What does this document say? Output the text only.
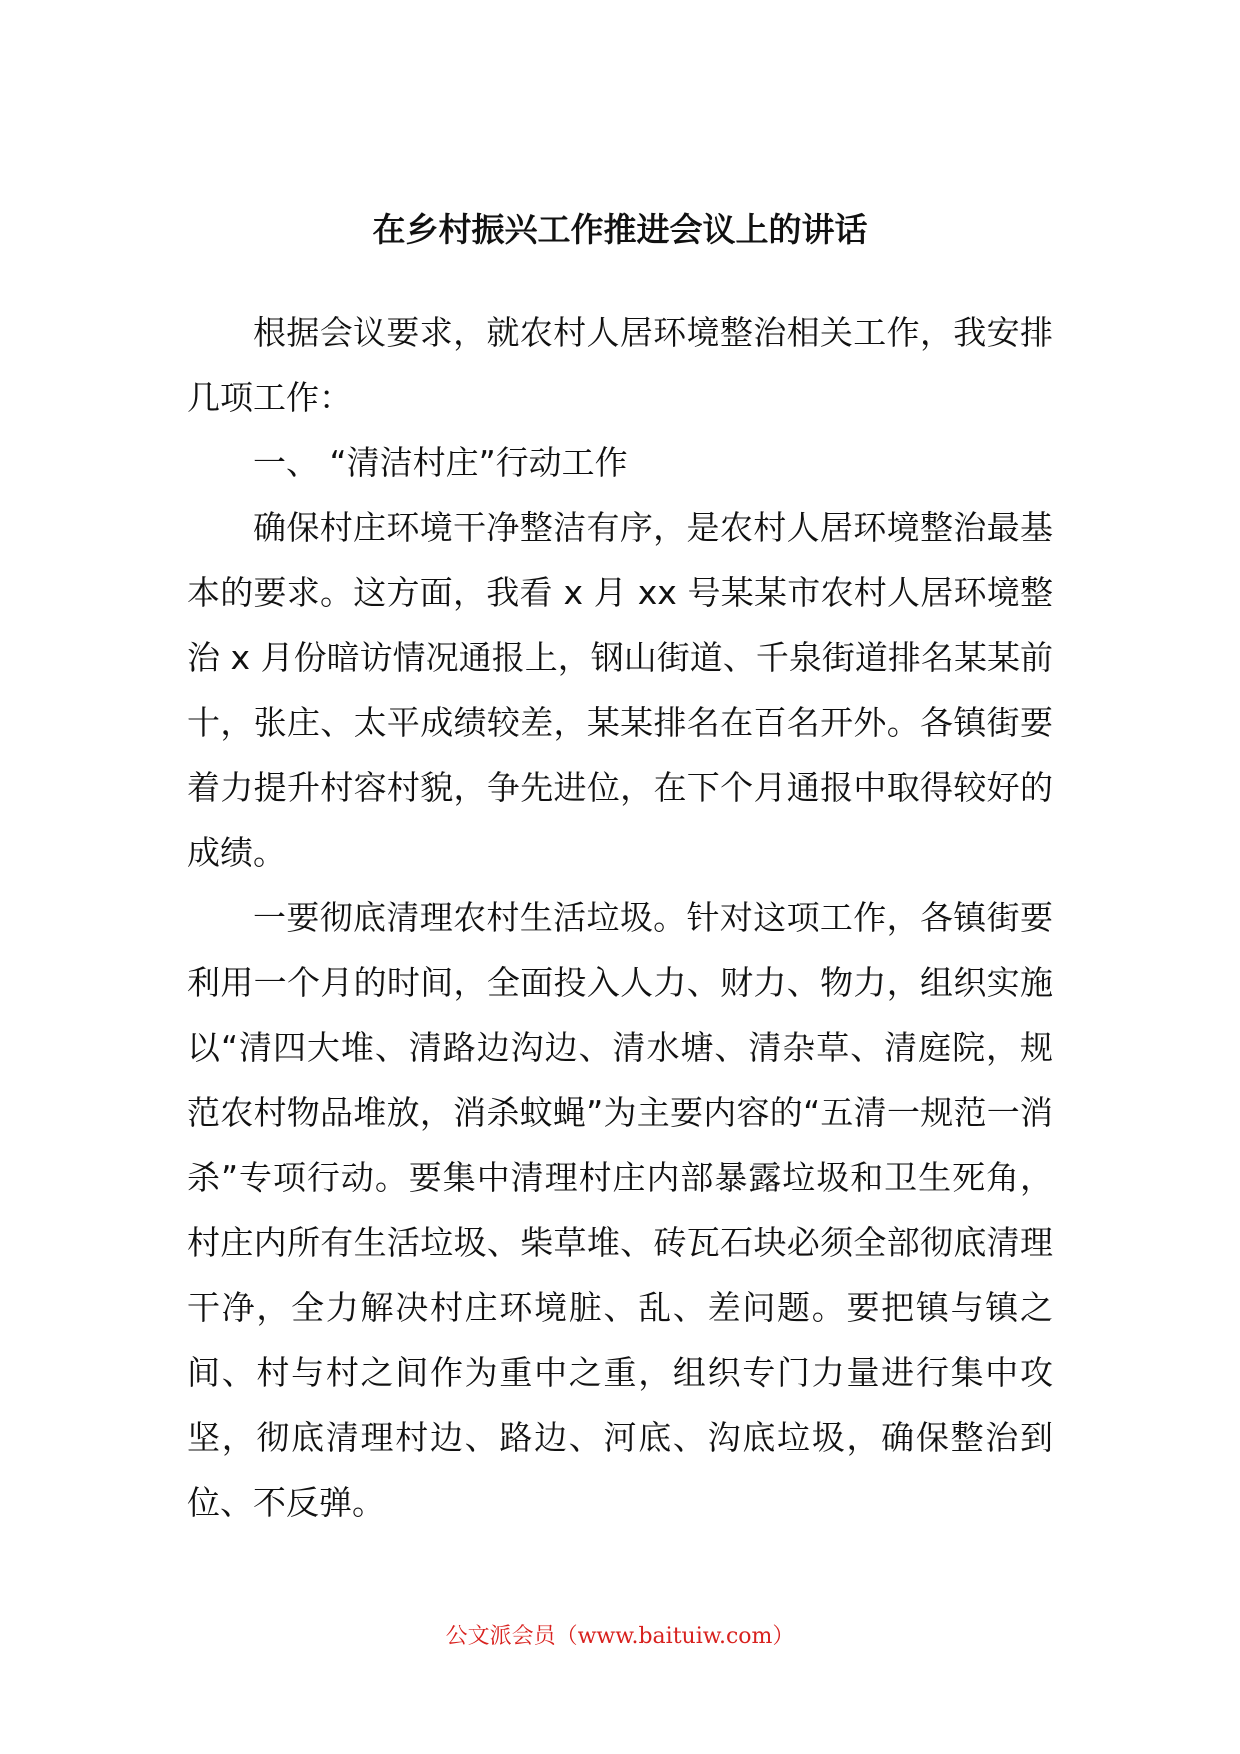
在乡村振兴工作推进会议上的讲话

根据会议要求，就农村人居环境整治相关工作，我安排几项工作：

一、 “清洁村庄”行动工作

确保村庄环境干净整洁有序，是农村人居环境整治最基本的要求。这方面，我看 x 月 xx 号某某市农村人居环境整治 x 月份暗访情况通报上，钢山街道、千泉街道排名某某前十，张庄、太平成绩较差，某某排名在百名开外。各镇街要着力提升村容村貌，争先进位，在下个月通报中取得较好的成绩。

一要彻底清理农村生活垃圾。针对这项工作，各镇街要利用一个月的时间，全面投入人力、财力、物力，组织实施以“清四大堆、清路边沟边、清水塘、清杂草、清庭院，规范农村物品堆放，消杀蚊蝇”为主要内容的“五清一规范一消杀”专项行动。要集中清理村庄内部暴露垃圾和卫生死角，村庄内所有生活垃圾、柴草堆、砖瓦石块必须全部彻底清理干净，全力解决村庄环境脏、乱、差问题。要把镇与镇之间、村与村之间作为重中之重，组织专门力量进行集中攻坚，彻底清理村边、路边、河底、沟底垃圾，确保整治到位、不反弹。

公文派会员（www.baituiw.com）
